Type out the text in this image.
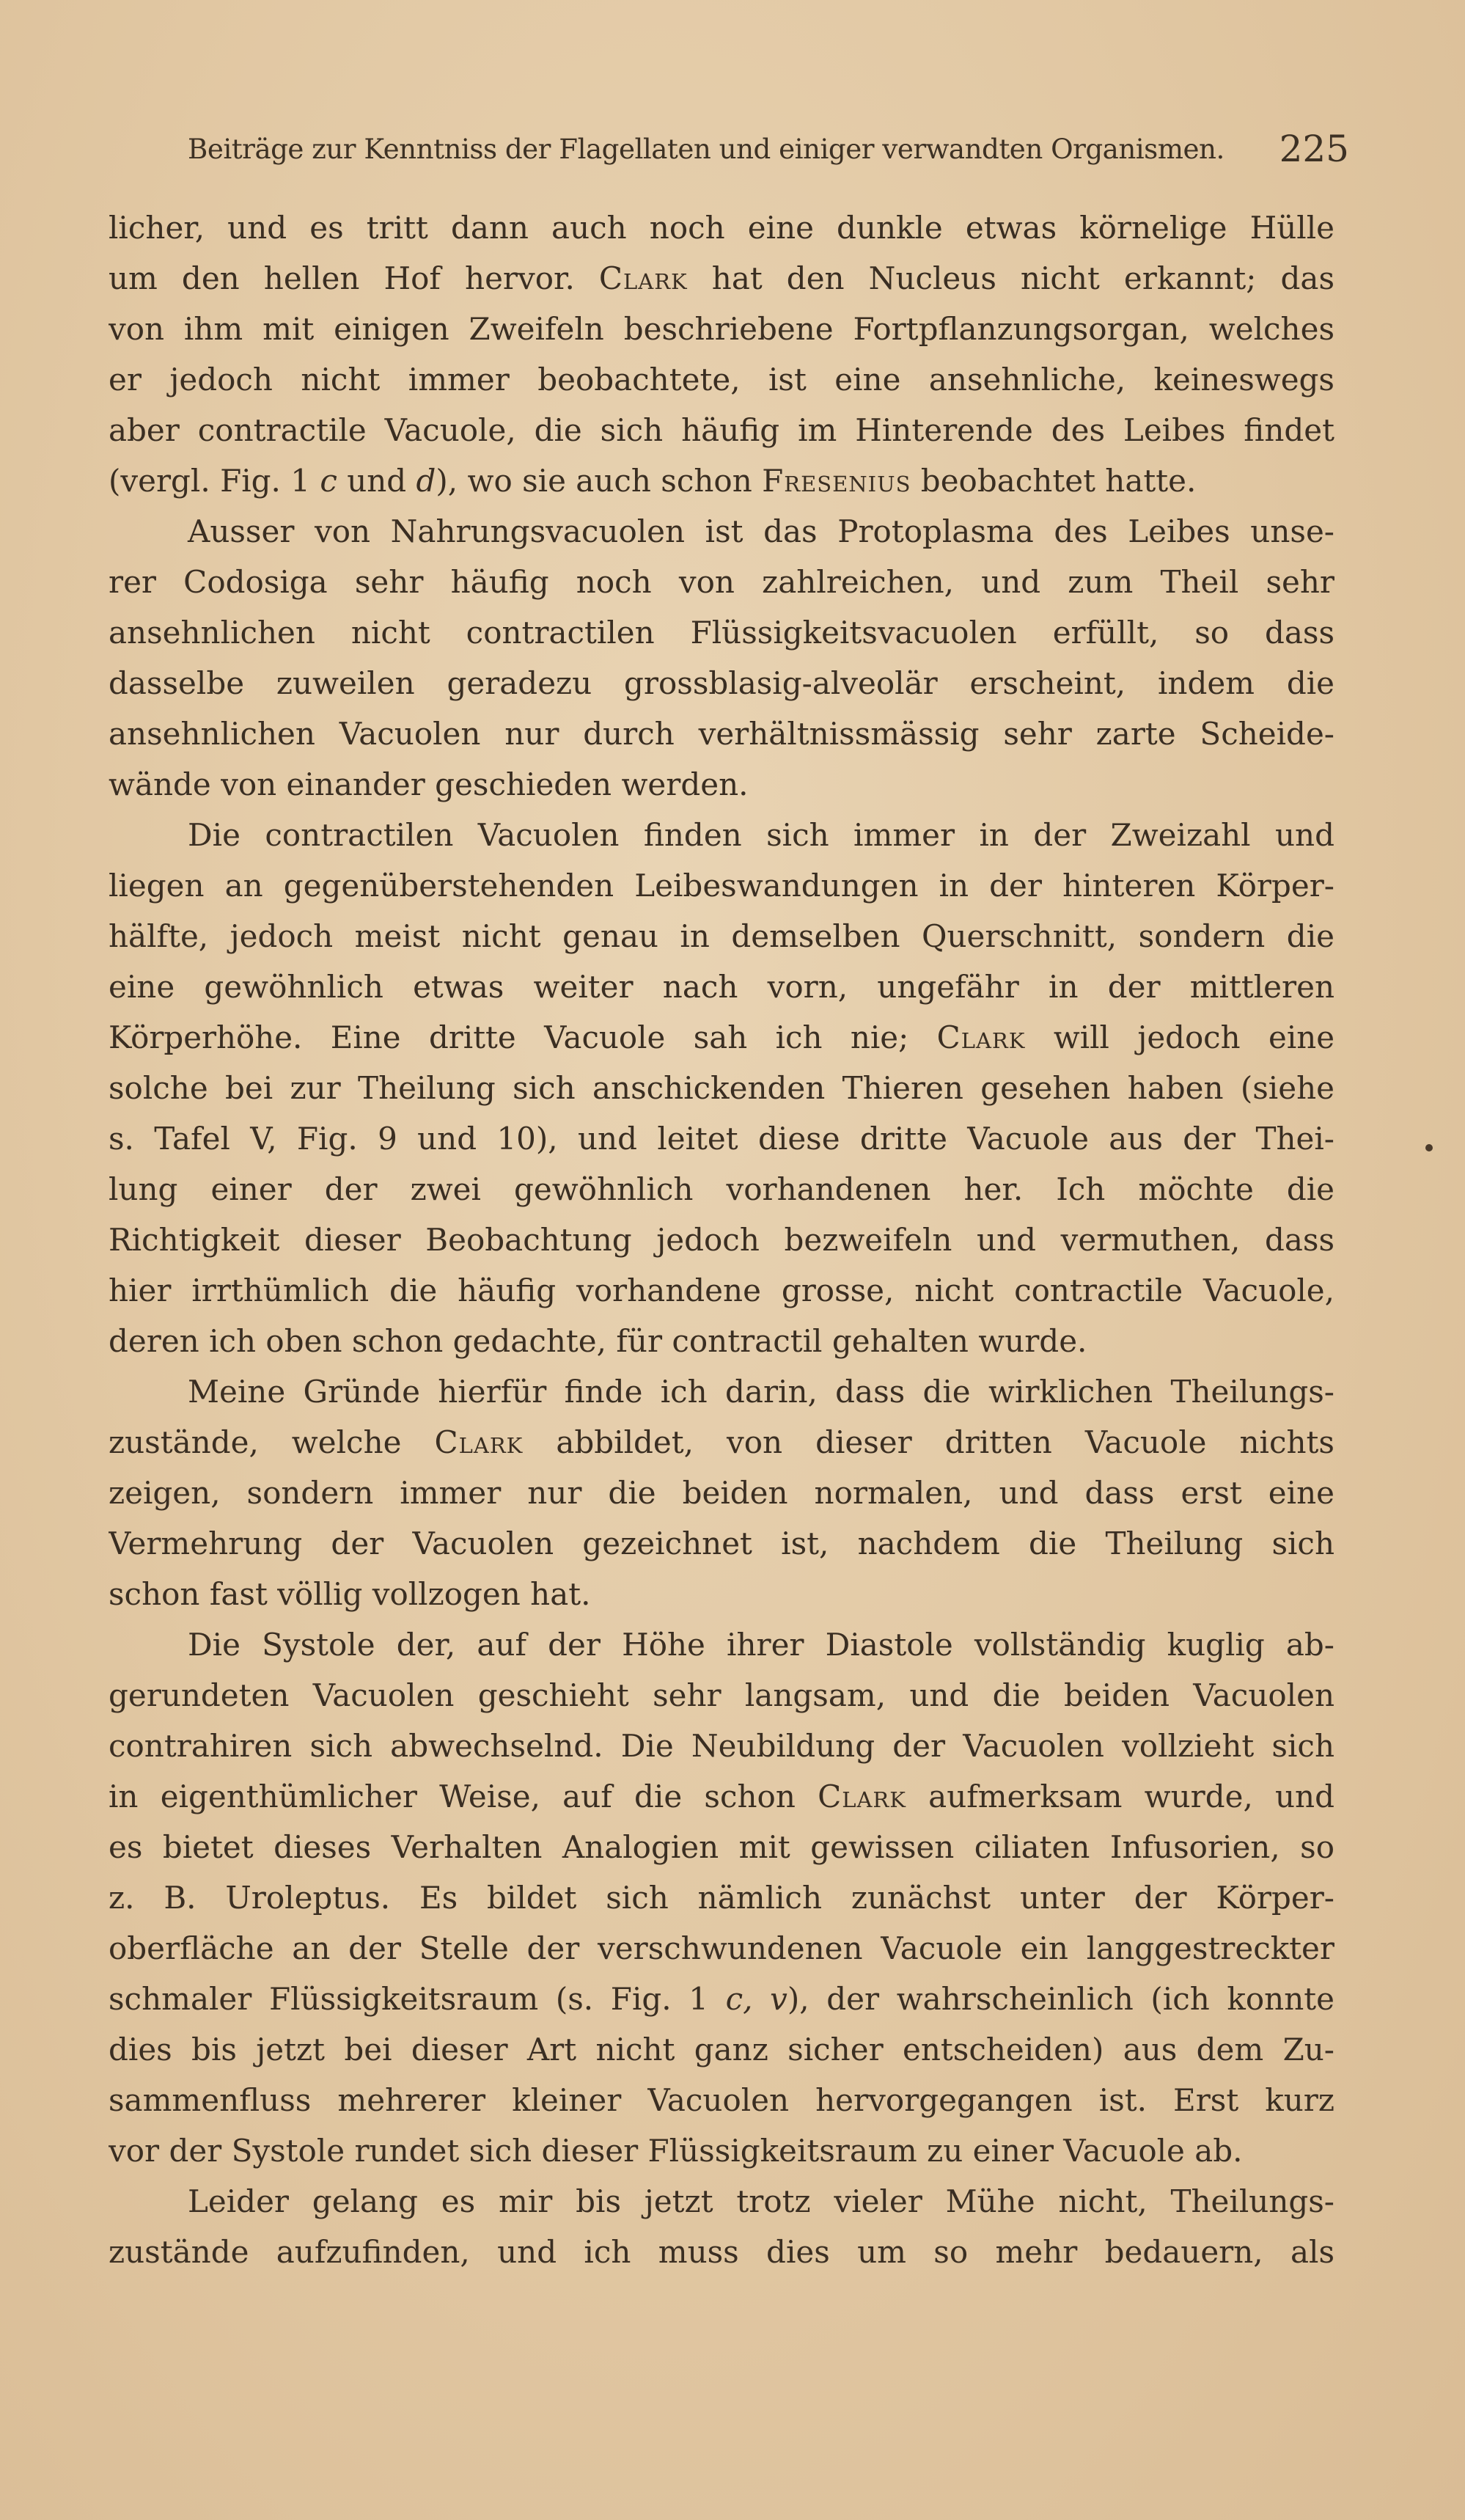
Beiträge zur Kenntniss der Flagellaten und einiger verwandten Organismen.	225
licher, und es tritt dann auch noch eine dunkle etwas körnelige Hülle
um den hellen Hof hervor. Clark hat den Nucleus nicht erkannt; das
von ihm mit einigen Zweifeln beschriebene Fortpflanzungsorgan, welches
er jedoch nicht immer beobachtete, ist eine ansehnliche, keineswegs
aber contractile Vacuole, die sich häufig im Hinterende des Leibes findet
(vergl. Fig. 1 c und d), wo sie auch schon Fresenius beobachtet hatte.
Ausser von Nahrungsvacuolen ist das Protoplasma des Leibes unse-
rer Codosiga sehr häufig noch von zahlreichen, und zum Theil sehr
ansehnlichen nicht contractilen Flüssigkeitsvacuolen erfüllt, so dass
dasselbe zuweilen geradezu grossblasig-alveolär erscheint, indem die
ansehnlichen Vacuolen nur durch verhältnissmässig sehr zarte Scheide-
wände von einander geschieden werden.
Die contractilen Vacuolen finden sich immer in der Zweizahl und
liegen an gegenüberstehenden Leibeswandungen in der hinteren Körper-
hälfte, jedoch meist nicht genau in demselben Querschnitt, sondern die
eine gewöhnlich etwas weiter nach vorn, ungefähr in der mittleren
Körperhöhe. Eine dritte Vacuole sah ich nie; Clark will jedoch eine
solche bei zur Theilung sich anschickenden Thieren gesehen haben (siehe
s. Tafel V, Fig. 9 und 10), und leitet diese dritte Vacuole aus der Thei-
lung einer der zwei gewöhnlich vorhandenen her. Ich möchte die
Richtigkeit dieser Beobachtung jedoch bezweifeln und vermuthen, dass
hier irrthümlich die häufig vorhandene grosse, nicht contractile Vacuole,
deren ich oben schon gedachte, für contractil gehalten wurde.
Meine Gründe hierfür finde ich darin, dass die wirklichen Theilungs-
zustände, welche Clark abbildet, von dieser dritten Vacuole nichts
zeigen, sondern immer nur die beiden normalen, und dass erst eine
Vermehrung der Vacuolen gezeichnet ist, nachdem die Theilung sich
schon fast völlig vollzogen hat.
Die Systole der, auf der Höhe ihrer Diastole vollständig kuglig ab-
gerundeten Vacuolen geschieht sehr langsam, und die beiden Vacuolen
contrahiren sich abwechselnd. Die Neubildung der Vacuolen vollzieht sich
in eigenthümlicher Weise, auf die schon Clark aufmerksam wurde, und
es bietet dieses Verhalten Analogien mit gewissen ciliaten Infusorien, so
z. B. Uroleptus. Es bildet sich nämlich zunächst unter der Körper-
oberfläche an der Stelle der verschwundenen Vacuole ein langgestreckter
schmaler Flüssigkeitsraum (s. Fig. 1 c, v), der wahrscheinlich (ich konnte
dies bis jetzt bei dieser Art nicht ganz sicher entscheiden) aus dem Zu-
sammenfluss mehrerer kleiner Vacuolen hervorgegangen ist. Erst kurz
vor der Systole rundet sich dieser Flüssigkeitsraum zu einer Vacuole ab.
Leider gelang es mir bis jetzt trotz vieler Mühe nicht, Theilungs-
zustände aufzufinden, und ich muss dies um so mehr bedauern, als
